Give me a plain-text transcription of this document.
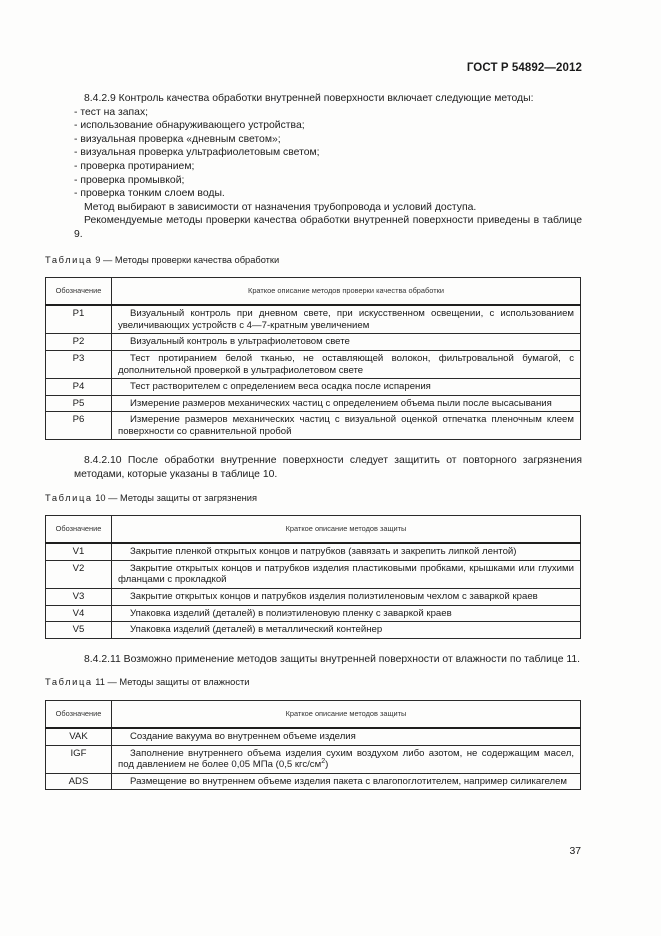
ГОСТ Р 54892—2012

8.4.2.9 Контроль качества обработки внутренней поверхности включает следующие методы:

- тест на запах;

- использование обнаруживающего устройства;

- визуальная проверка «дневным светом»;

- визуальная проверка ультрафиолетовым светом;

- проверка протиранием;

- проверка промывкой;

- проверка тонким слоем воды.

Метод выбирают в зависимости от назначения трубопровода и условий доступа.

Рекомендуемые методы проверки качества обработки внутренней поверхности приведены в таблице 9.

Таблица 9 — Методы проверки качества обработки

Обозначение	Краткое описание методов проверки качества обработки
P1	Визуальный контроль при дневном свете, при искусственном освещении, с использованием увеличивающих устройств с 4—7-кратным увеличением
P2	Визуальный контроль в ультрафиолетовом свете
P3	Тест протиранием белой тканью, не оставляющей волокон, фильтровальной бумагой, с дополнительной проверкой в ультрафиолетовом свете
P4	Тест растворителем с определением веса осадка после испарения
P5	Измерение размеров механических частиц с определением объема пыли после высасывания
P6	Измерение размеров механических частиц с визуальной оценкой отпечатка пленочным клеем поверхности со сравнительной пробой

8.4.2.10 После обработки внутренние поверхности следует защитить от повторного загрязнения методами, которые указаны в таблице 10.

Таблица 10 — Методы защиты от загрязнения

Обозначение	Краткое описание методов защиты
V1	Закрытие пленкой открытых концов и патрубков (завязать и закрепить липкой лентой)
V2	Закрытие открытых концов и патрубков изделия пластиковыми пробками, крышками или глухими фланцами с прокладкой
V3	Закрытие открытых концов и патрубков изделия полиэтиленовым чехлом с заваркой краев
V4	Упаковка изделий (деталей) в полиэтиленовую пленку с заваркой краев
V5	Упаковка изделий (деталей) в металлический контейнер

8.4.2.11 Возможно применение методов защиты внутренней поверхности от влажности по таблице 11.

Таблица 11 — Методы защиты от влажности

Обозначение	Краткое описание методов защиты
VAK	Создание вакуума во внутреннем объеме изделия
IGF	Заполнение внутреннего объема изделия сухим воздухом либо азотом, не содержащим масел, под давлением не более 0,05 МПа (0,5 кгс/$см^2$)
ADS	Размещение во внутреннем объеме изделия пакета с влагопоглотителем, например силикагелем
37
